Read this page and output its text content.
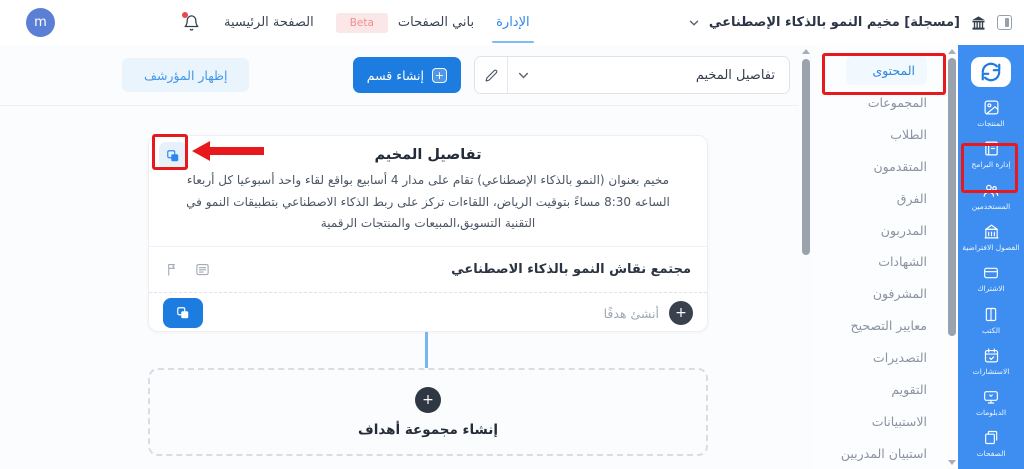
[مسجلة] مخيم النمو بالذكاء الإصطناعي
الإدارة
باني الصفحات
Beta
الصفحة الرئيسية
m
المنتجات
إدارة البرامج
المستخدمين
الفصول الافتراضية
الاشتراك
الكتب
الاستشارات
الدبلومات
الصفحات
المحتوى
المجموعات
الطلاب
المتقدمون
الفرق
المدربون
الشهادات
المشرفون
معايير التصحيح
التصديرات
التقويم
الاستبيانات
استبيان المدربين
إظهار المؤرشف	+
إنشاء قسم	تفاصيل المخيم
تفاصيل المخيم

مخيم بعنوان (النمو بالذكاء الإصطناعي) تقام على مدار 4 أسابيع بواقع لقاء واحد أسبوعيا كل أربعاء الساعه 8:30 مساءً بتوقيت الرياض، اللقاءات تركز على ربط الذكاء الاصطناعي بتطبيقات النمو في التقنية التسويق،المبيعات والمنتجات الرقمية

مجتمع نقاش النمو بالذكاء الاصطناعي
+
أنشئ هدفًا
+
إنشاء مجموعة أهداف
